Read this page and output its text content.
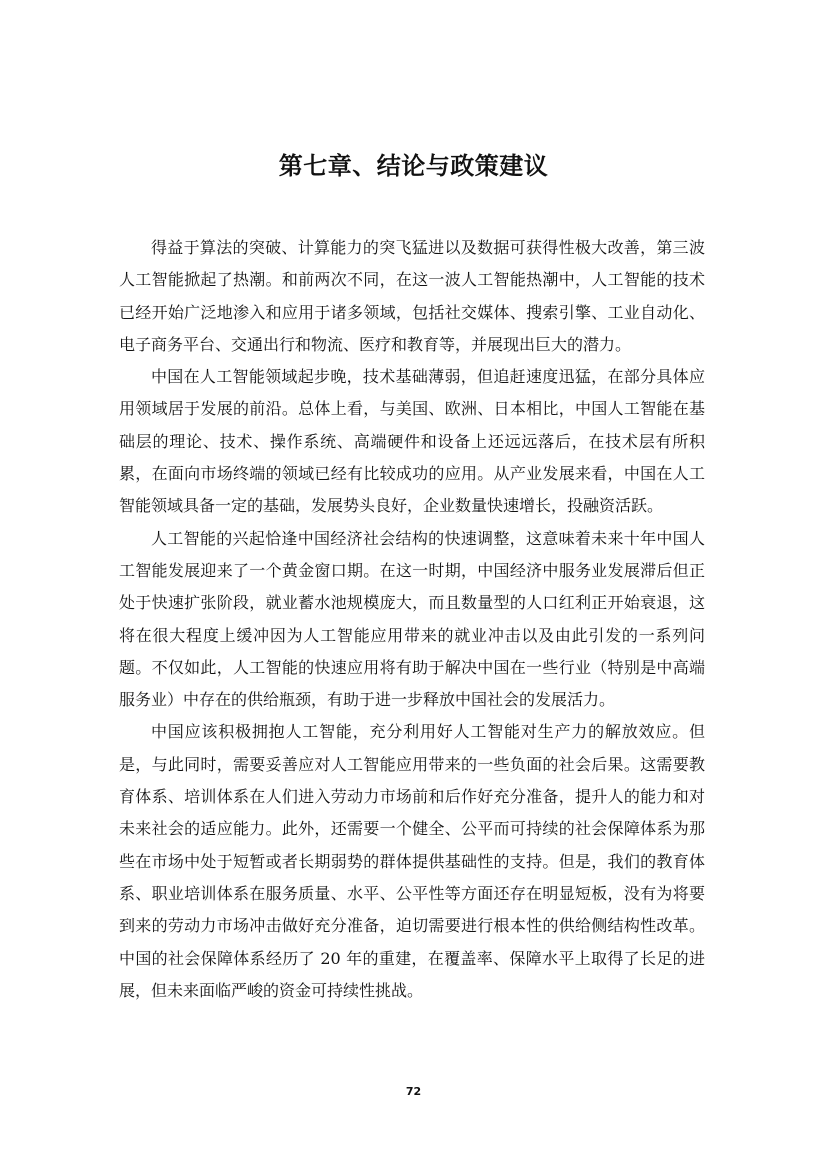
第七章、结论与政策建议

得益于算法的突破、计算能力的突飞猛进以及数据可获得性极大改善，第三波人工智能掀起了热潮。和前两次不同，在这一波人工智能热潮中，人工智能的技术已经开始广泛地渗入和应用于诸多领域，包括社交媒体、搜索引擎、工业自动化、电子商务平台、交通出行和物流、医疗和教育等，并展现出巨大的潜力。

中国在人工智能领域起步晚，技术基础薄弱，但追赶速度迅猛，在部分具体应用领域居于发展的前沿。总体上看，与美国、欧洲、日本相比，中国人工智能在基础层的理论、技术、操作系统、高端硬件和设备上还远远落后，在技术层有所积累，在面向市场终端的领域已经有比较成功的应用。从产业发展来看，中国在人工智能领域具备一定的基础，发展势头良好，企业数量快速增长，投融资活跃。

人工智能的兴起恰逢中国经济社会结构的快速调整，这意味着未来十年中国人工智能发展迎来了一个黄金窗口期。在这一时期，中国经济中服务业发展滞后但正处于快速扩张阶段，就业蓄水池规模庞大，而且数量型的人口红利正开始衰退，这将在很大程度上缓冲因为人工智能应用带来的就业冲击以及由此引发的一系列问题。不仅如此，人工智能的快速应用将有助于解决中国在一些行业（特别是中高端服务业）中存在的供给瓶颈，有助于进一步释放中国社会的发展活力。

中国应该积极拥抱人工智能，充分利用好人工智能对生产力的解放效应。但是，与此同时，需要妥善应对人工智能应用带来的一些负面的社会后果。这需要教育体系、培训体系在人们进入劳动力市场前和后作好充分准备，提升人的能力和对未来社会的适应能力。此外，还需要一个健全、公平而可持续的社会保障体系为那些在市场中处于短暂或者长期弱势的群体提供基础性的支持。但是，我们的教育体系、职业培训体系在服务质量、水平、公平性等方面还存在明显短板，没有为将要到来的劳动力市场冲击做好充分准备，迫切需要进行根本性的供给侧结构性改革。中国的社会保障体系经历了 20 年的重建，在覆盖率、保障水平上取得了长足的进展，但未来面临严峻的资金可持续性挑战。

72
